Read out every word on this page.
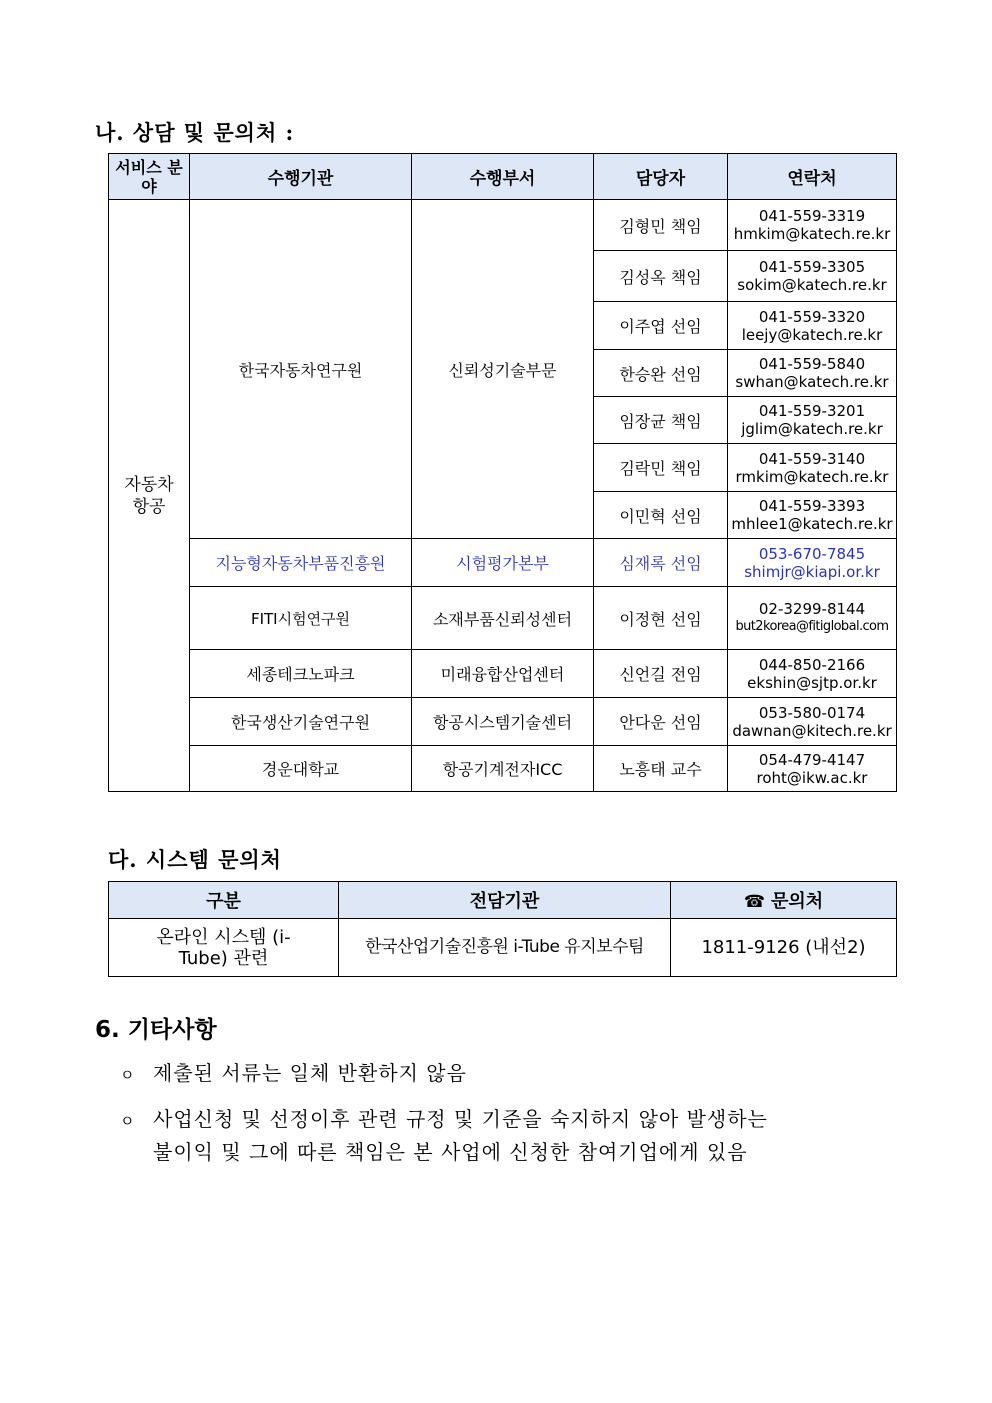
나. 상담 및 문의처 :
서비스 분야	수행기관	수행부서	담당자	연락처
자동차 항공	한국자동차연구원	신뢰성기술부문	김형민 책임	041-559-3319
hmkim@katech.re.kr

			김성옥 책임	041-559-3305
sokim@katech.re.kr

			이주엽 선임	041-559-3320
leejy@katech.re.kr

			한승완 선임	041-559-5840
swhan@katech.re.kr

			임장균 책임	041-559-3201
jglim@katech.re.kr

			김락민 책임	041-559-3140
rmkim@katech.re.kr

			이민혁 선임	041-559-3393
mhlee1@katech.re.kr

	지능형자동차부품진흥원	시험평가본부	심재록 선임	053-670-7845
shimjr@kiapi.or.kr

	FITI시험연구원	소재부품신뢰성센터	이정현 선임	02-3299-8144
but2korea@fitiglobal.com

	세종테크노파크	미래융합산업센터	신언길 전임	044-850-2166
ekshin@sjtp.or.kr

	한국생산기술연구원	항공시스템기술센터	안다운 선임	053-580-0174
dawnan@kitech.re.kr

	경운대학교	항공기계전자ICC	노흥태 교수	054-479-4147
roht@ikw.ac.kr
다. 시스템 문의처
구분	전담기관	☎ 문의처
온라인 시스템 (i-Tube) 관련	한국산업기술진흥원 i-Tube 유지보수팀	1811-9126 (내선2)
6. 기타사항
ㅇ 제출된 서류는 일체 반환하지 않음
ㅇ 사업신청 및 선정이후 관련 규정 및 기준을 숙지하지 않아 발생하는
불이익 및 그에 따른 책임은 본 사업에 신청한 참여기업에게 있음
